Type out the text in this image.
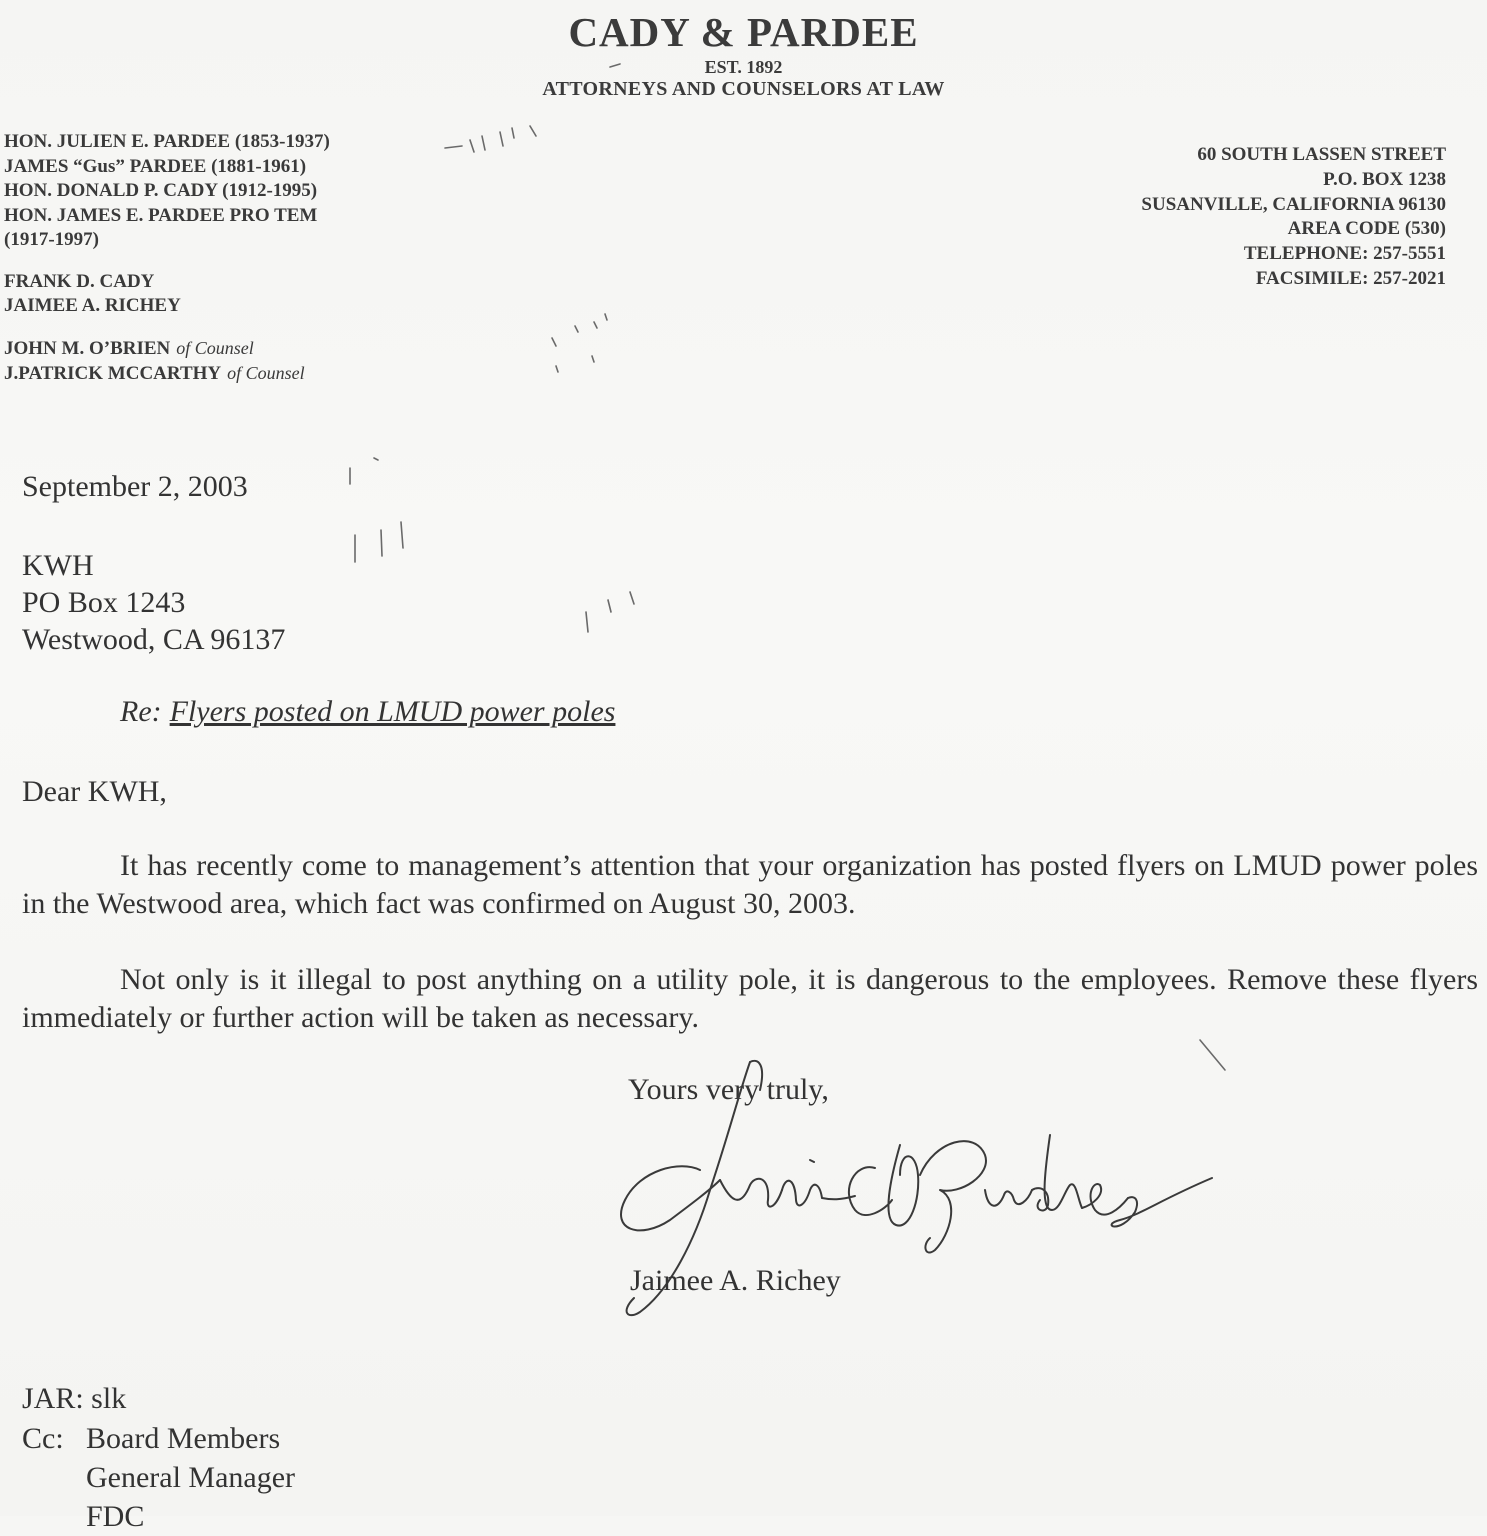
CADY & PARDEE
EST. 1892
ATTORNEYS AND COUNSELORS AT LAW
HON. JULIEN E. PARDEE (1853-1937)
JAMES “Gus” PARDEE (1881-1961)
HON. DONALD P. CADY (1912-1995)
HON. JAMES E. PARDEE PRO TEM
(1917-1997)
FRANK D. CADY
JAIMEE A. RICHEY
JOHN M. O’BRIEN of Counsel
J.PATRICK MCCARTHY of Counsel
60 SOUTH LASSEN STREET
P.O. BOX 1238
SUSANVILLE, CALIFORNIA 96130
AREA CODE (530)
TELEPHONE: 257-5551
FACSIMILE: 257-2021
September 2, 2003
KWH
PO Box 1243
Westwood, CA 96137
Re: Flyers posted on LMUD power poles
Dear KWH,
It has recently come to management’s attention that your organization has posted flyers on LMUD power poles in the Westwood area, which fact was confirmed on August 30, 2003.
Not only is it illegal to post anything on a utility pole, it is dangerous to the employees. Remove these flyers immediately or further action will be taken as necessary.
Yours very truly,
Jaimee A. Richey
JAR: slk
Cc: Board Members
General Manager
FDC
